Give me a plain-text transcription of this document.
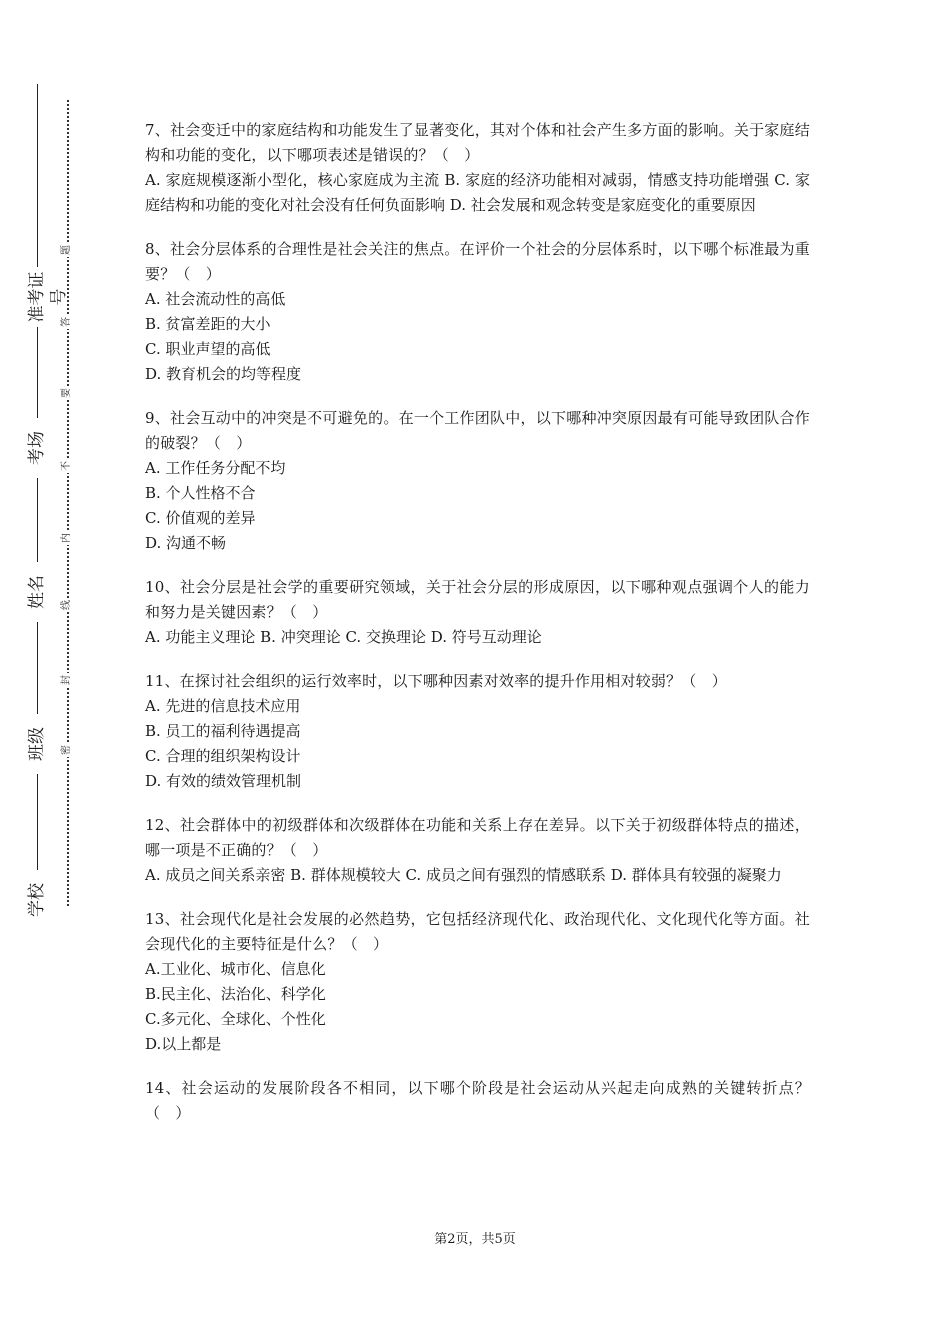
学校
班级
姓名
考场
准考证号
密
封
线
内
不
要
答
题

7、社会变迁中的家庭结构和功能发生了显著变化，其对个体和社会产生多方面的影响。关于家庭结构和功能的变化，以下哪项表述是错误的？（　）

A. 家庭规模逐渐小型化，核心家庭成为主流 B. 家庭的经济功能相对减弱，情感支持功能增强 C. 家庭结构和功能的变化对社会没有任何负面影响 D. 社会发展和观念转变是家庭变化的重要原因

8、社会分层体系的合理性是社会关注的焦点。在评价一个社会的分层体系时，以下哪个标准最为重要？（　）

A. 社会流动性的高低

B. 贫富差距的大小

C. 职业声望的高低

D. 教育机会的均等程度

9、社会互动中的冲突是不可避免的。在一个工作团队中，以下哪种冲突原因最有可能导致团队合作的破裂？（　）

A. 工作任务分配不均

B. 个人性格不合

C. 价值观的差异

D. 沟通不畅

10、社会分层是社会学的重要研究领域，关于社会分层的形成原因，以下哪种观点强调个人的能力和努力是关键因素？（　）

A. 功能主义理论 B. 冲突理论 C. 交换理论 D. 符号互动理论

11、在探讨社会组织的运行效率时，以下哪种因素对效率的提升作用相对较弱？（　）

A. 先进的信息技术应用

B. 员工的福利待遇提高

C. 合理的组织架构设计

D. 有效的绩效管理机制

12、社会群体中的初级群体和次级群体在功能和关系上存在差异。以下关于初级群体特点的描述，哪一项是不正确的？（　）

A. 成员之间关系亲密 B. 群体规模较大 C. 成员之间有强烈的情感联系 D. 群体具有较强的凝聚力

13、社会现代化是社会发展的必然趋势，它包括经济现代化、政治现代化、文化现代化等方面。社会现代化的主要特征是什么？（　）

A.工业化、城市化、信息化

B.民主化、法治化、科学化

C.多元化、全球化、个性化

D.以上都是

14、社会运动的发展阶段各不相同，以下哪个阶段是社会运动从兴起走向成熟的关键转折点？（　）

第2页，共5页
